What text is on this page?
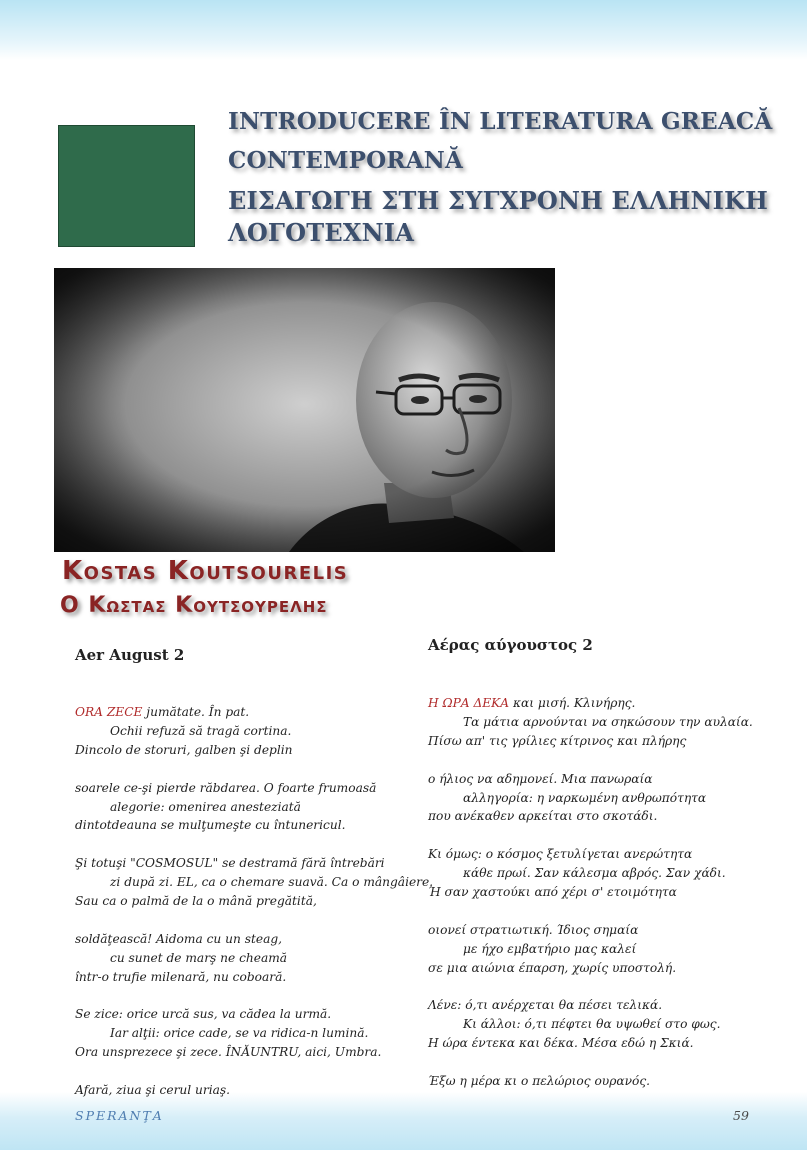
INTRODUCERE ÎN LITERATURA GREACĂ
CONTEMPORANĂ
ΕΙΣΑΓΩΓΗ ΣΤΗ ΣΥΓΧΡΟΝΗ ΕΛΛΗΝΙΚΗ
ΛΟΓΟΤΕΧΝΙΑ
Kostas Koutsourelis
Ο Κωστας Κουτσουρελης
Aer August 2
Αέρας αύγουστος 2
ORA ZECE jumătate. În pat.
Ochii refuză să tragă cortina.
Dincolo de storuri, galben şi deplin
soarele ce-şi pierde răbdarea. O foarte frumoasă
alegorie: omenirea anesteziată
dintotdeauna se mulţumeşte cu întunericul.
Şi totuşi "COSMOSUL" se destramă fără întrebări
zi după zi. EL, ca o chemare suavă. Ca o mângâiere.
Sau ca o palmă de la o mână pregătită,
soldăţească! Aidoma cu un steag,
cu sunet de marş ne cheamă
într-o trufie milenară, nu coboară.
Se zice: orice urcă sus, va cădea la urmă.
Iar alţii: orice cade, se va ridica-n lumină.
Ora unsprezece şi zece. ÎNĂUNTRU, aici, Umbra.
Afară, ziua şi cerul uriaş.
Η ΩΡΑ ΔΕΚΑ και μισή. Κλινήρης.
Τα μάτια αρνούνται να σηκώσουν την αυλαία.
Πίσω απ' τις γρίλιες κίτρινος και πλήρης
ο ήλιος να αδημονεί. Μια πανωραία
αλληγορία: η ναρκωμένη ανθρωπότητα
που ανέκαθεν αρκείται στο σκοτάδι.
Κι όμως: ο κόσμος ξετυλίγεται ανερώτητα
κάθε πρωί. Σαν κάλεσμα αβρός. Σαν χάδι.
Ή σαν χαστούκι από χέρι σ' ετοιμότητα
οιονεί στρατιωτική. Ίδιος σημαία
με ήχο εμβατήριο μας καλεί
σε μια αιώνια έπαρση, χωρίς υποστολή.
Λένε: ό,τι ανέρχεται θα πέσει τελικά.
Κι άλλοι: ό,τι πέφτει θα υψωθεί στο φως.
Η ώρα έντεκα και δέκα. Μέσα εδώ η Σκιά.
Έξω η μέρα κι ο πελώριος ουρανός.
SPERANŢA	59
